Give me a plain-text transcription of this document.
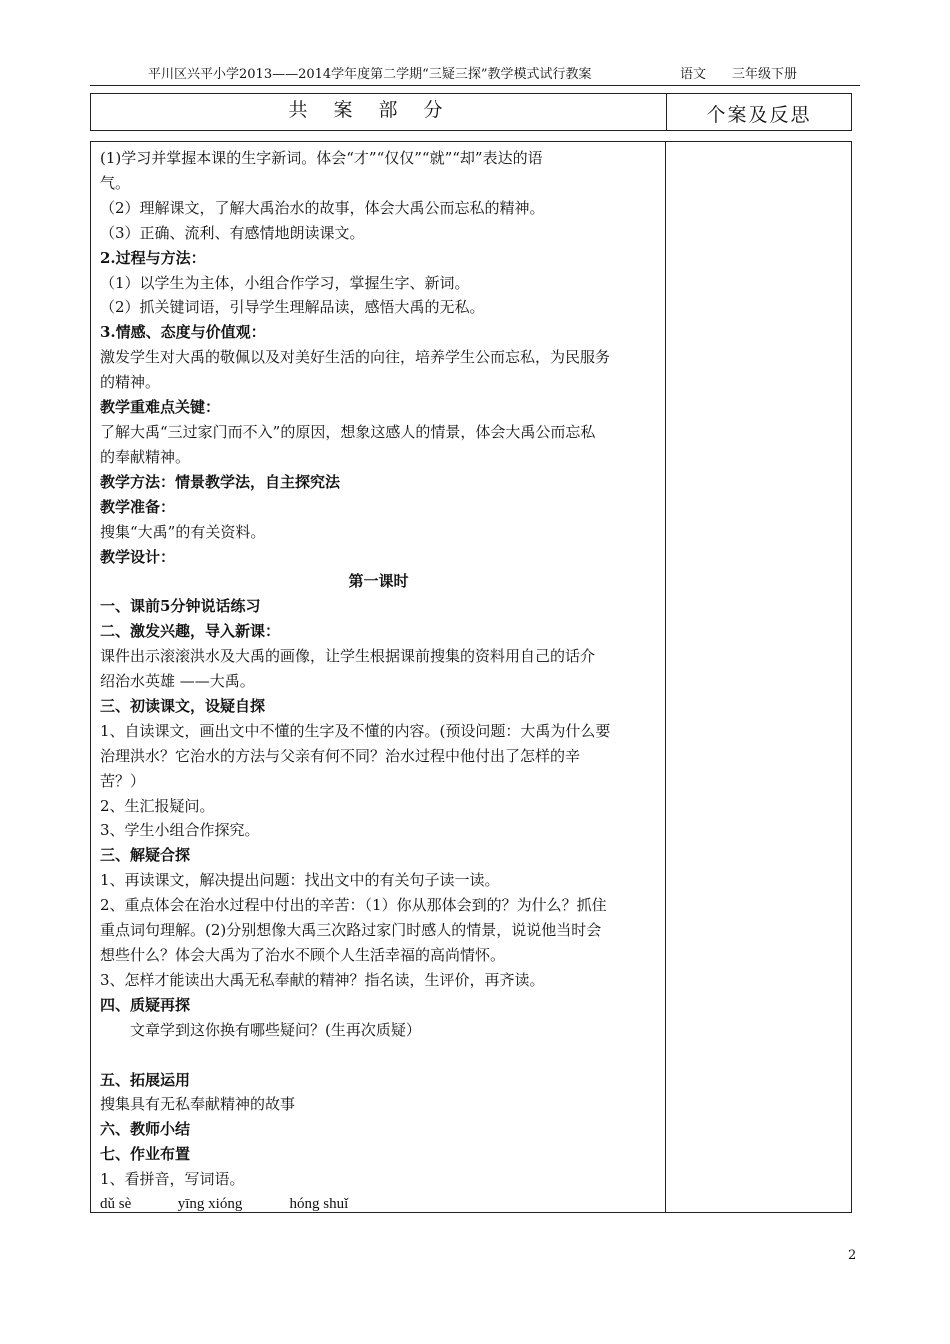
平川区兴平小学2013——2014学年度第二学期“三疑三探”教学模式试行教案	语文 三年级下册
共案部分	个案及反思
(1)学习并掌握本课的生字新词。体会“才”“仅仅”“就”“却”表达的语
气。
（2）理解课文，了解大禹治水的故事，体会大禹公而忘私的精神。
（3）正确、流利、有感情地朗读课文。
2.过程与方法：
（1）以学生为主体，小组合作学习，掌握生字、新词。
（2）抓关键词语，引导学生理解品读，感悟大禹的无私。
3.情感、态度与价值观：
激发学生对大禹的敬佩以及对美好生活的向往，培养学生公而忘私，为民服务
的精神。
教学重难点关键：
了解大禹“三过家门而不入”的原因，想象这感人的情景，体会大禹公而忘私
的奉献精神。
教学方法：情景教学法，自主探究法
教学准备：
搜集“大禹”的有关资料。
教学设计：
第一课时
一、课前5分钟说话练习
二、激发兴趣，导入新课：
课件出示滚滚洪水及大禹的画像，让学生根据课前搜集的资料用自己的话介
绍治水英雄 ——大禹。
三、初读课文，设疑自探
1、自读课文，画出文中不懂的生字及不懂的内容。(预设问题：大禹为什么要
治理洪水？它治水的方法与父亲有何不同？治水过程中他付出了怎样的辛
苦？）
2、生汇报疑问。
3、学生小组合作探究。
三、解疑合探
1、再读课文，解决提出问题：找出文中的有关句子读一读。
2、重点体会在治水过程中付出的辛苦：（1）你从那体会到的？为什么？抓住
重点词句理解。(2)分别想像大禹三次路过家门时感人的情景，说说他当时会
想些什么？体会大禹为了治水不顾个人生活幸福的高尚情怀。
3、怎样才能读出大禹无私奉献的精神？指名读，生评价，再齐读。
四、质疑再探
文章学到这你换有哪些疑问？(生再次质疑）
五、拓展运用
搜集具有无私奉献精神的故事
六、教师小结
七、作业布置
1、看拼音，写词语。
dǔ sè	yīng xióng	hóng shuǐ
2
